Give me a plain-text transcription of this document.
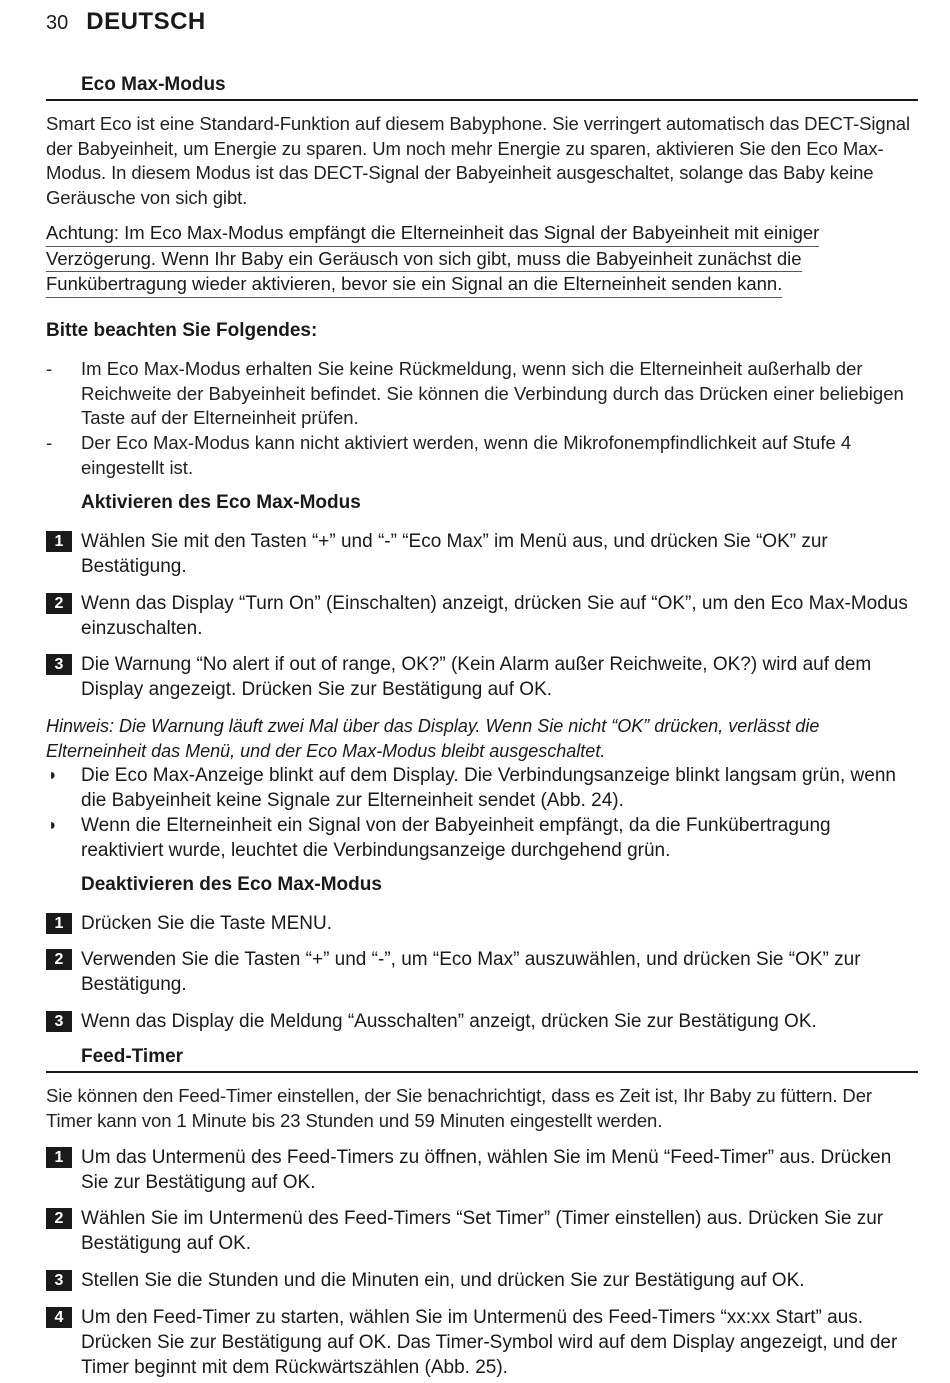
30 DEUTSCH
Eco Max-Modus
Smart Eco ist eine Standard-Funktion auf diesem Babyphone. Sie verringert automatisch das DECT-Signal der Babyeinheit, um Energie zu sparen. Um noch mehr Energie zu sparen, aktivieren Sie den Eco Max-Modus. In diesem Modus ist das DECT-Signal der Babyeinheit ausgeschaltet, solange das Baby keine Geräusche von sich gibt.
Achtung: Im Eco Max-Modus empfängt die Elterneinheit das Signal der Babyeinheit mit einiger
Verzögerung. Wenn Ihr Baby ein Geräusch von sich gibt, muss die Babyeinheit zunächst die
Funkübertragung wieder aktivieren, bevor sie ein Signal an die Elterneinheit senden kann.
Bitte beachten Sie Folgendes:
-	Im Eco Max-Modus erhalten Sie keine Rückmeldung, wenn sich die Elterneinheit außerhalb der Reichweite der Babyeinheit befindet. Sie können die Verbindung durch das Drücken einer beliebigen Taste auf der Elterneinheit prüfen.
-	Der Eco Max-Modus kann nicht aktiviert werden, wenn die Mikrofonempfindlichkeit auf Stufe 4 eingestellt ist.
Aktivieren des Eco Max-Modus
1 Wählen Sie mit den Tasten “+” und “-” “Eco Max” im Menü aus, und drücken Sie “OK” zur Bestätigung.
2 Wenn das Display “Turn On” (Einschalten) anzeigt, drücken Sie auf “OK”, um den Eco Max-Modus einzuschalten.
3 Die Warnung “No alert if out of range, OK?” (Kein Alarm außer Reichweite, OK?) wird auf dem Display angezeigt. Drücken Sie zur Bestätigung auf OK.
Hinweis: Die Warnung läuft zwei Mal über das Display. Wenn Sie nicht “OK” drücken, verlässt die Elterneinheit das Menü, und der Eco Max-Modus bleibt ausgeschaltet.
◗	Die Eco Max-Anzeige blinkt auf dem Display. Die Verbindungsanzeige blinkt langsam grün, wenn die Babyeinheit keine Signale zur Elterneinheit sendet (Abb. 24).
◗	Wenn die Elterneinheit ein Signal von der Babyeinheit empfängt, da die Funkübertragung reaktiviert wurde, leuchtet die Verbindungsanzeige durchgehend grün.
Deaktivieren des Eco Max-Modus
1 Drücken Sie die Taste MENU.
2 Verwenden Sie die Tasten “+” und “-”, um “Eco Max” auszuwählen, und drücken Sie “OK” zur Bestätigung.
3 Wenn das Display die Meldung “Ausschalten” anzeigt, drücken Sie zur Bestätigung OK.
Feed-Timer
Sie können den Feed-Timer einstellen, der Sie benachrichtigt, dass es Zeit ist, Ihr Baby zu füttern. Der Timer kann von 1 Minute bis 23 Stunden und 59 Minuten eingestellt werden.
1 Um das Untermenü des Feed-Timers zu öffnen, wählen Sie im Menü “Feed-Timer” aus. Drücken Sie zur Bestätigung auf OK.
2 Wählen Sie im Untermenü des Feed-Timers “Set Timer” (Timer einstellen) aus. Drücken Sie zur Bestätigung auf OK.
3 Stellen Sie die Stunden und die Minuten ein, und drücken Sie zur Bestätigung auf OK.
4 Um den Feed-Timer zu starten, wählen Sie im Untermenü des Feed-Timers “xx:xx Start” aus. Drücken Sie zur Bestätigung auf OK. Das Timer-Symbol wird auf dem Display angezeigt, und der Timer beginnt mit dem Rückwärtszählen (Abb. 25).
